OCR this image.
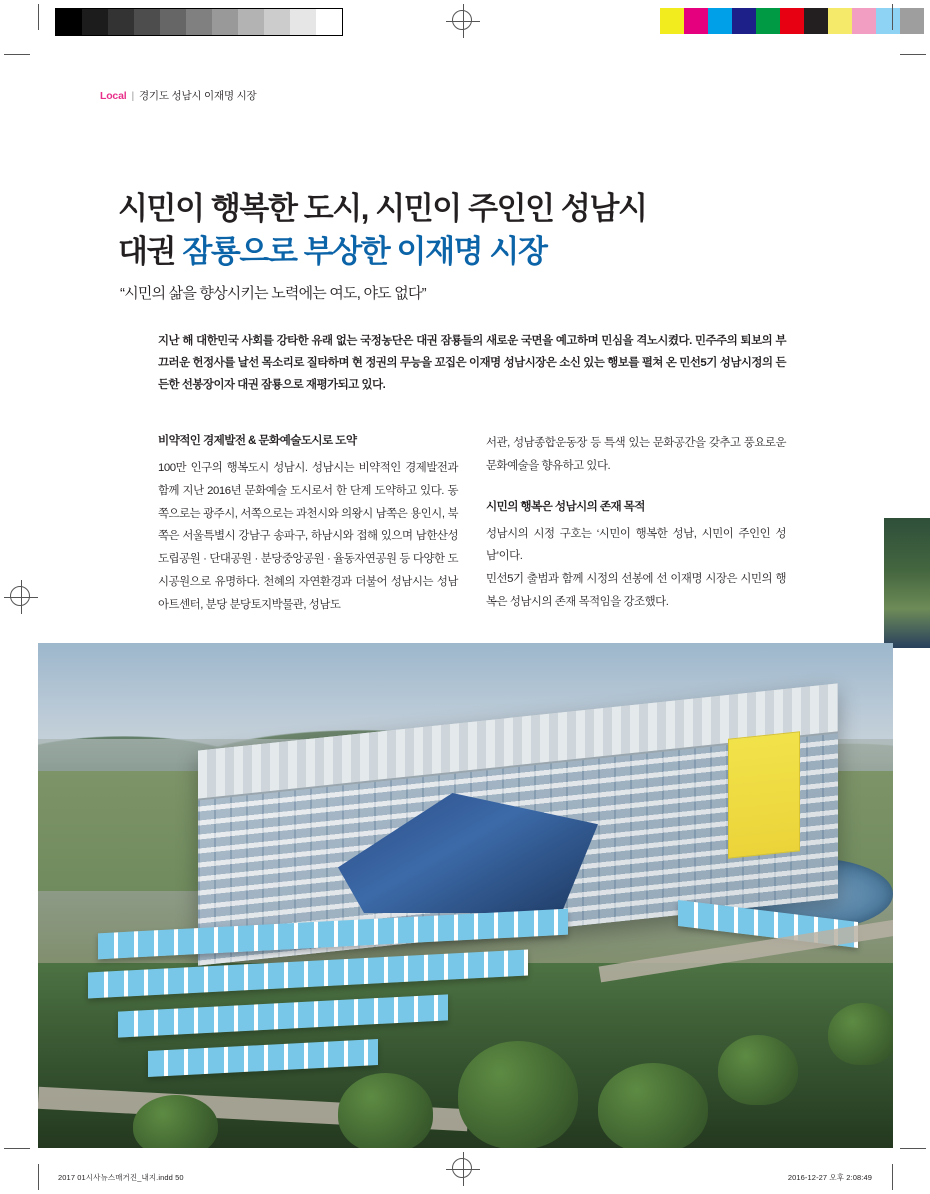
Local | 경기도 성남시 이재명 시장
시민이 행복한 도시, 시민이 주인인 성남시
대권 잠룡으로 부상한 이재명 시장
“시민의 삶을 향상시키는 노력에는 여도, 야도 없다”
지난 해 대한민국 사회를 강타한 유래 없는 국정농단은 대권 잠룡들의 새로운 국면을 예고하며 민심을 격노시켰다. 민주주의 퇴보의 부끄러운 헌정사를 날선 목소리로 질타하며 현 정권의 무능을 꼬집은 이재명 성남시장은 소신 있는 행보를 펼쳐 온 민선5기 성남시정의 든든한 선봉장이자 대권 잠룡으로 재평가되고 있다.
비약적인 경제발전 & 문화예술도시로 도약

100만 인구의 행복도시 성남시. 성남시는 비약적인 경제발전과 함께 지난 2016년 문화예술 도시로서 한 단계 도약하고 있다. 동쪽으로는 광주시, 서쪽으로는 과천시와 의왕시 남쪽은 용인시, 북쪽은 서울특별시 강남구 송파구, 하남시와 접해 있으며 남한산성도립공원 · 단대공원 · 분당중앙공원 · 율동자연공원 등 다양한 도시공원으로 유명하다. 천혜의 자연환경과 더불어 성남시는 성남아트센터, 분당 분당토지박물관, 성남도

서관, 성남종합운동장 등 특색 있는 문화공간을 갖추고 풍요로운 문화예술을 향유하고 있다.

시민의 행복은 성남시의 존재 목적

성남시의 시정 구호는 ‘시민이 행복한 성남, 시민이 주인인 성남’이다.

민선5기 출범과 함께 시정의 선봉에 선 이재명 시장은 시민의 행복은 성남시의 존재 목적임을 강조했다.

2017 01시사뉴스매거진_내지.indd 50	2016-12-27 오후 2:08:49
